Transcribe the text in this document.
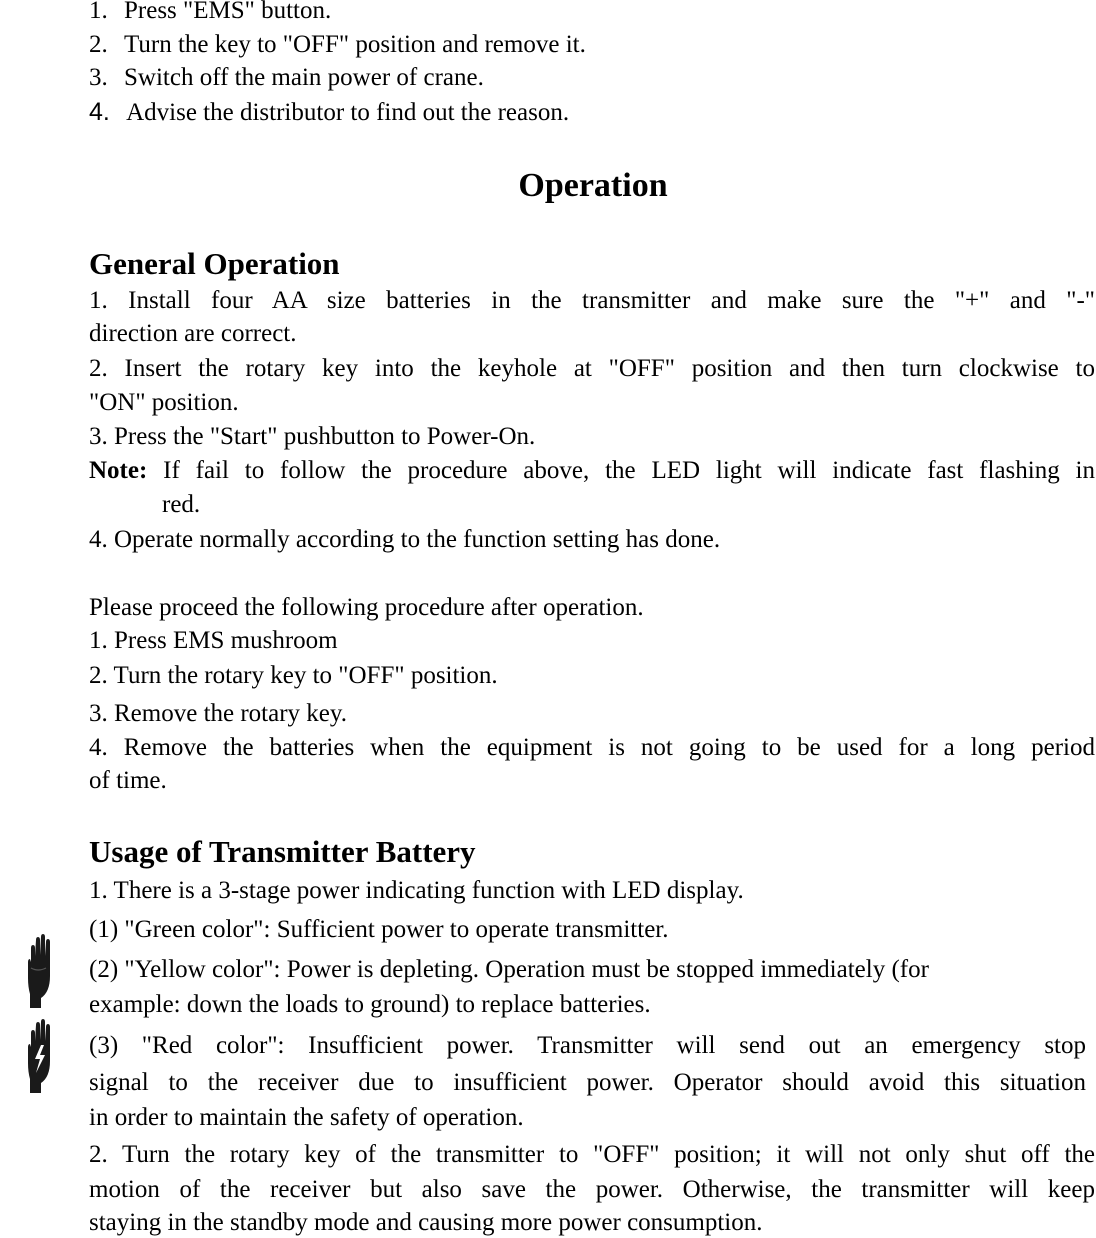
1. Press "EMS" button.
2. Turn the key to "OFF" position and remove it.
3. Switch off the main power of crane.
4. Advise the distributor to find out the reason.
Operation
General Operation
1. Install four AA size batteries in the transmitter and make sure the "+" and "-"
direction are correct.
2. Insert the rotary key into the keyhole at "OFF" position and then turn clockwise to
"ON" position.
3. Press the "Start" pushbutton to Power-On.
Note: If fail to follow the procedure above, the LED light will indicate fast flashing in
red.
4. Operate normally according to the function setting has done.
Please proceed the following procedure after operation.
1. Press EMS mushroom
2. Turn the rotary key to "OFF" position.
3. Remove the rotary key.
4. Remove the batteries when the equipment is not going to be used for a long period
of time.
Usage of Transmitter Battery
1. There is a 3-stage power indicating function with LED display.
(1) "Green color": Sufficient power to operate transmitter.
(2) "Yellow color": Power is depleting. Operation must be stopped immediately (for
example: down the loads to ground) to replace batteries.
(3) "Red color": Insufficient power. Transmitter will send out an emergency stop
signal to the receiver due to insufficient power. Operator should avoid this situation
in order to maintain the safety of operation.
2. Turn the rotary key of the transmitter to "OFF" position; it will not only shut off the
motion of the receiver but also save the power. Otherwise, the transmitter will keep
staying in the standby mode and causing more power consumption.
